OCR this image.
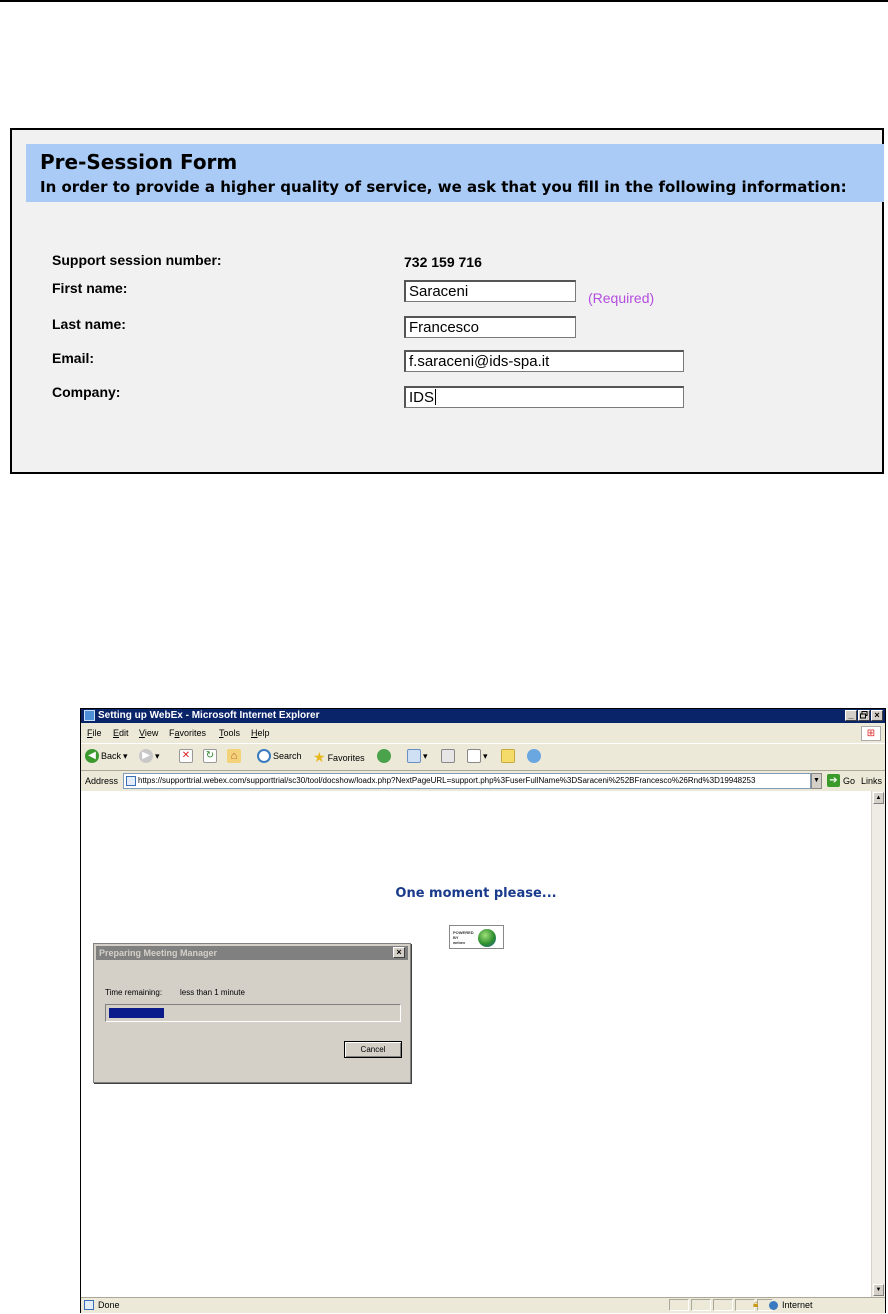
Pre-Session Form
In order to provide a higher quality of service, we ask that you fill in the following information:
Support session number:	732 159 716
First name:	Saraceni	(Required)
Last name:	Francesco
Email:	f.saraceni@ids-spa.it
Company:	IDS
Setting up WebEx - Microsoft Internet Explorer	_	×
File Edit View Favorites Tools Help	⊞
◀ Back ▾	▶ ▾ ✕ ↻	⌂	Search ★ Favorites	▾	▾
Address	https://supporttrial.webex.com/supporttrial/sc30/tool/docshow/loadx.php?NextPageURL=support.php%3FuserFullName%3DSaraceni%252BFrancesco%26Rnd%3D19948253	▼ ➔ Go Links
One moment please...
POWERED BY
webex
Preparing Meeting Manager	×
Time remaining: less than 1 minute
Cancel
▲
▼
Done	🔒︎	Internet
